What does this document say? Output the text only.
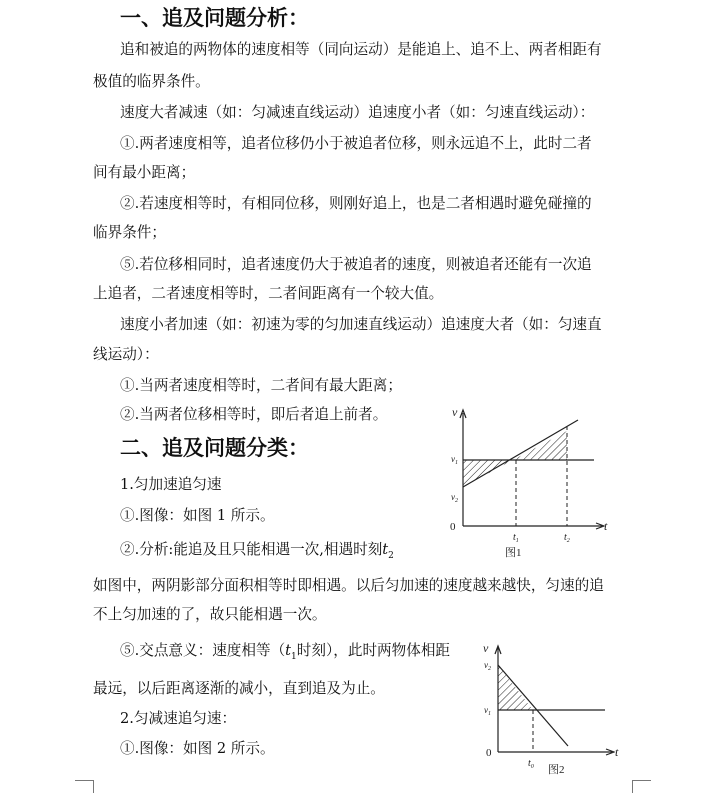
一、追及问题分析：
二、追及问题分类：
追和被追的两物体的速度相等（同向运动）是能追上、追不上、两者相距有
极值的临界条件。
速度大者减速（如：匀减速直线运动）追速度小者（如：匀速直线运动）：
①.两者速度相等，追者位移仍小于被追者位移，则永远追不上，此时二者
间有最小距离；
②.若速度相等时，有相同位移，则刚好追上，也是二者相遇时避免碰撞的
临界条件；
⑤.若位移相同时，追者速度仍大于被追者的速度，则被追者还能有一次追
上追者，二者速度相等时，二者间距离有一个较大值。
速度小者加速（如：初速为零的匀加速直线运动）追速度大者（如：匀速直
线运动）：
①.当两者速度相等时，二者间有最大距离；
②.当两者位移相等时，即后者追上前者。
1.匀加速追匀速
①.图像：如图 1 所示。
②.分析:能追及且只能相遇一次,相遇时刻$t_2$
如图中，两阴影部分面积相等时即相遇。以后匀加速的速度越来越快，匀速的追
不上匀加速的了，故只能相遇一次。
⑤.交点意义：速度相等（$t_1$时刻），此时两物体相距
最远，以后距离逐渐的减小，直到追及为止。
2.匀减速追匀速：
①.图像：如图 2 所示。
v
$v_1$
$v_2$
0
$t_1$	$t_2$
t
图1
v
$v_2$
$v_1$
0
$t_0$
t
图2
